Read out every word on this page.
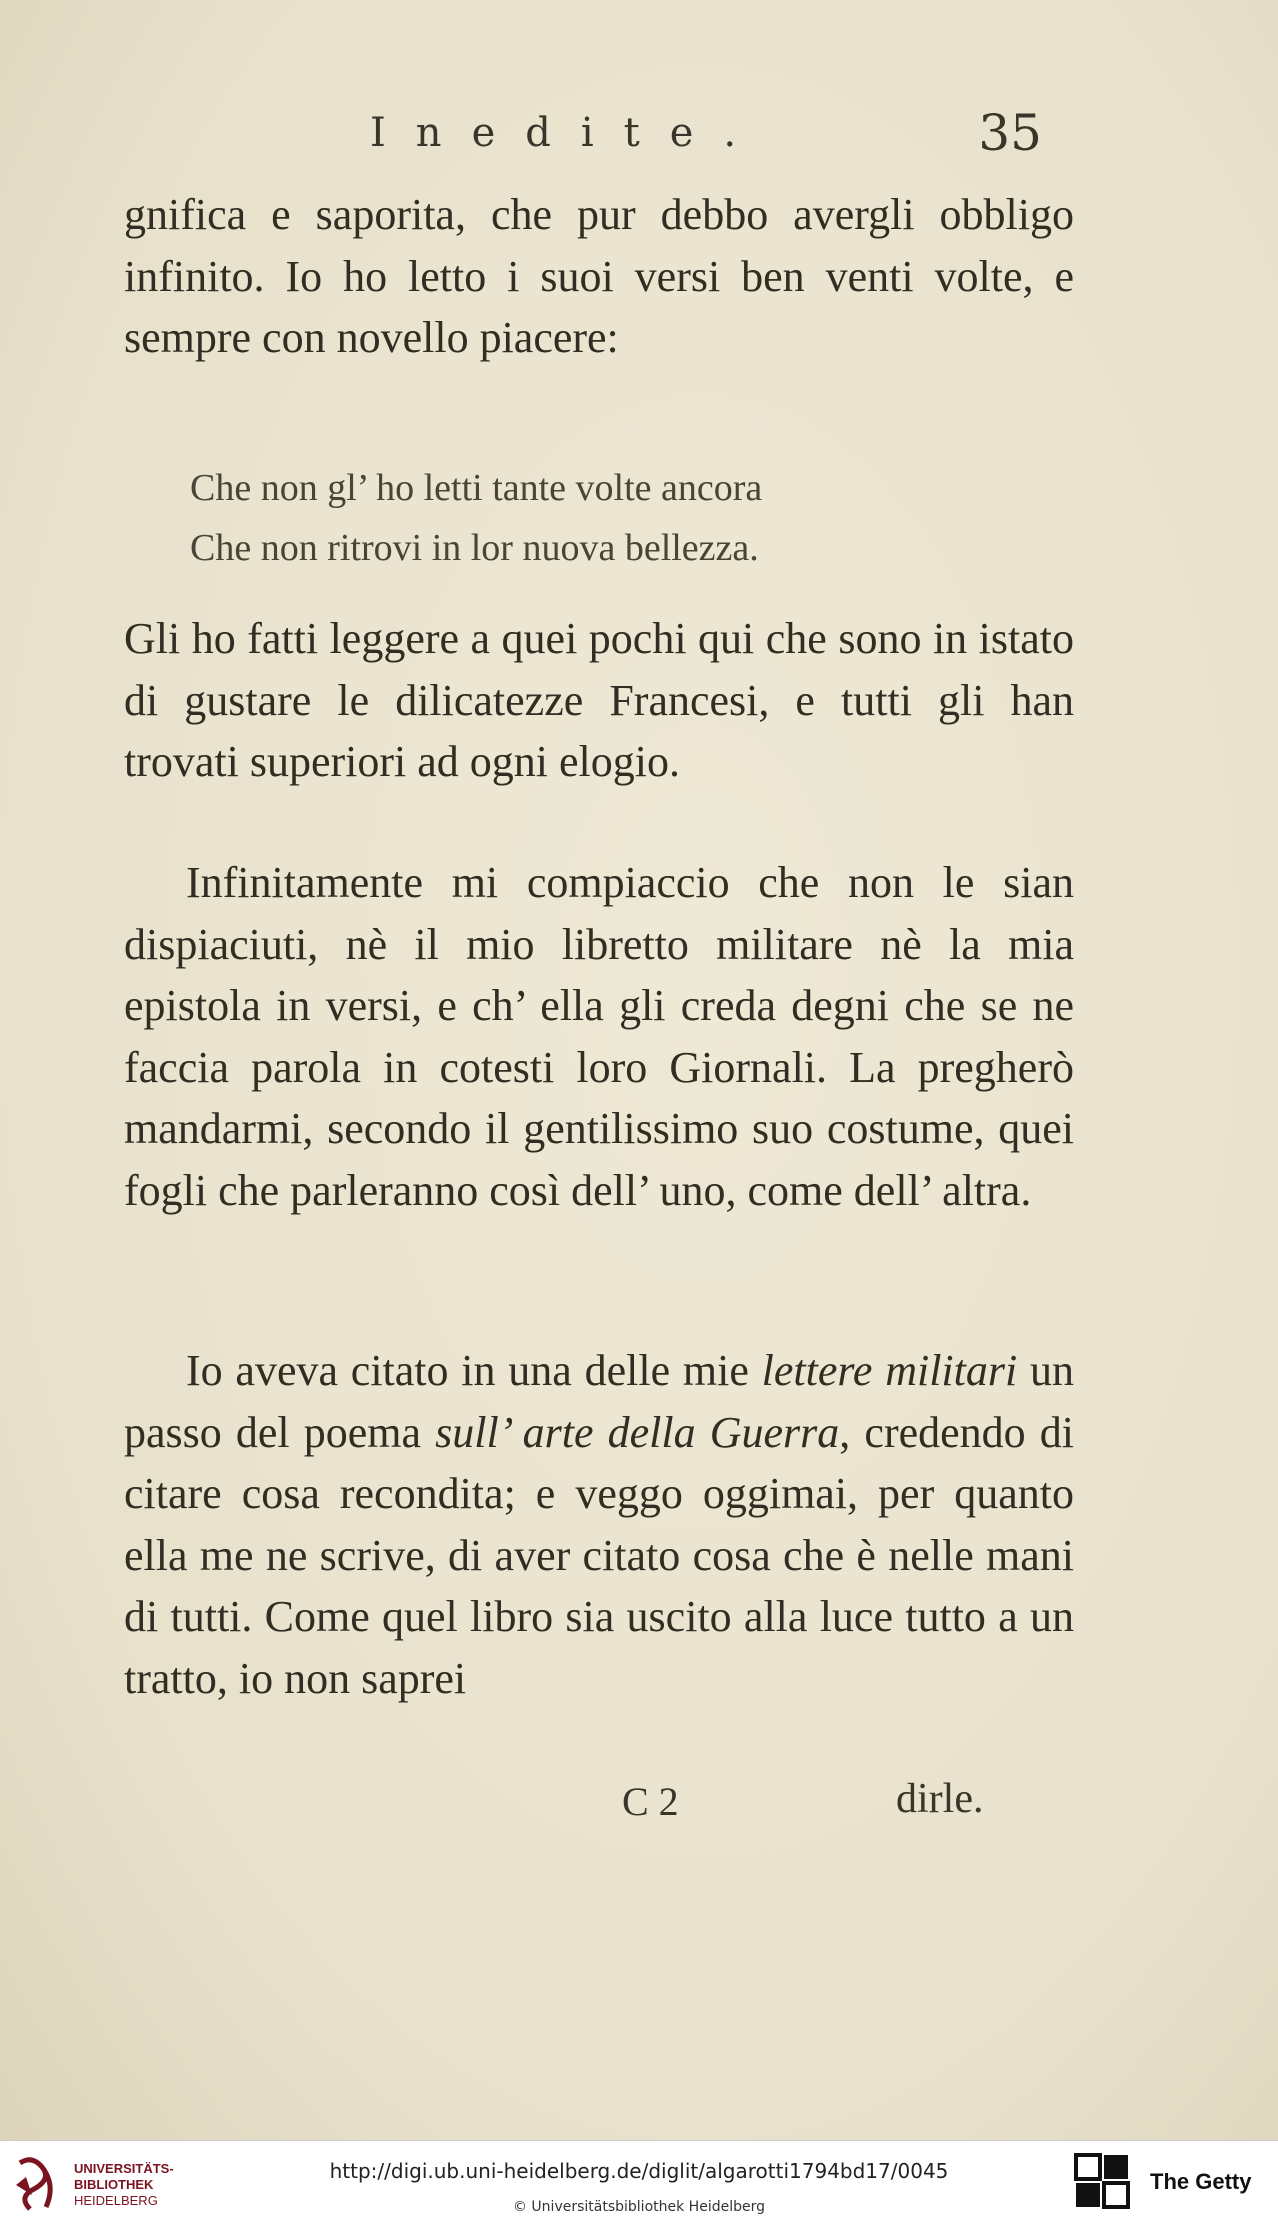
Inedite.	35

gnifica e saporita, che pur debbo avergli obbligo infinito. Io ho letto i suoi versi ben venti volte, e sempre con novello piacere:

Che non gl’ ho letti tante volte ancora
Che non ritrovi in lor nuova bellezza.

Gli ho fatti leggere a quei pochi qui che sono in istato di gustare le dilicatezze Francesi, e tutti gli han trovati superiori ad ogni elogio.

Infinitamente mi compiaccio che non le sian dispiaciuti, nè il mio libretto militare nè la mia epistola in versi, e ch’ ella gli creda degni che se ne faccia parola in cotesti loro Giornali. La pregherò mandarmi, secondo il gentilissimo suo costume, quei fogli che parleranno così dell’ uno, come dell’ altra.

Io aveva citato in una delle mie lettere militari un passo del poema sull’ arte della Guerra, credendo di citare cosa recondita; e veggo oggimai, per quanto ella me ne scrive, di aver citato cosa che è nelle mani di tutti. Come quel libro sia uscito alla luce tutto a un tratto, io non saprei

C 2	dirle.
UNIVERSITÄTS-
BIBLIOTHEK
HEIDELBERG
http://digi.ub.uni-heidelberg.de/diglit/algarotti1794bd17/0045
© Universitätsbibliothek Heidelberg
The Getty
